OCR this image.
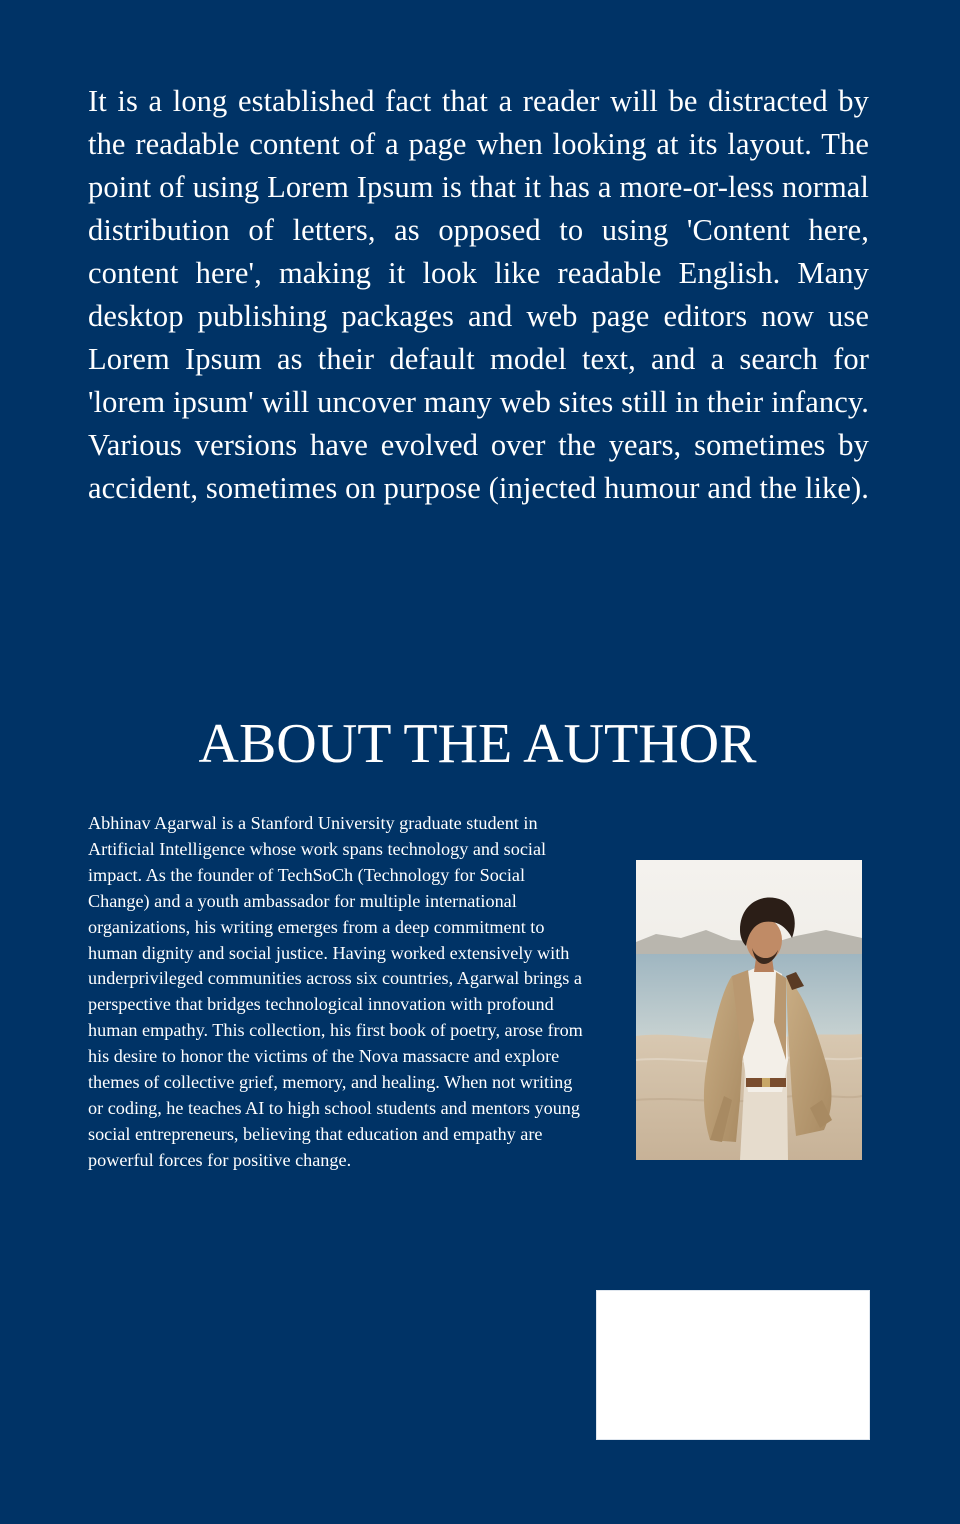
It is a long established fact that a reader will be distracted by the readable content of a page when looking at its layout. The point of using Lorem Ipsum is that it has a more-or-less normal distribution of letters, as opposed to using 'Content here, content here', making it look like readable English. Many desktop publishing packages and web page editors now use Lorem Ipsum as their default model text, and a search for 'lorem ipsum' will uncover many web sites still in their infancy. Various versions have evolved over the years, sometimes by accident, sometimes on purpose (injected humour and the like).

ABOUT THE AUTHOR

Abhinav Agarwal is a Stanford University graduate student in Artificial Intelligence whose work spans technology and social impact. As the founder of TechSoCh (Technology for Social Change) and a youth ambassador for multiple international organizations, his writing emerges from a deep commitment to human dignity and social justice. Having worked extensively with underprivileged communities across six countries, Agarwal brings a perspective that bridges technological innovation with profound human empathy. This collection, his first book of poetry, arose from his desire to honor the victims of the Nova massacre and explore themes of collective grief, memory, and healing. When not writing or coding, he teaches AI to high school students and mentors young social entrepreneurs, believing that education and empathy are powerful forces for positive change.
